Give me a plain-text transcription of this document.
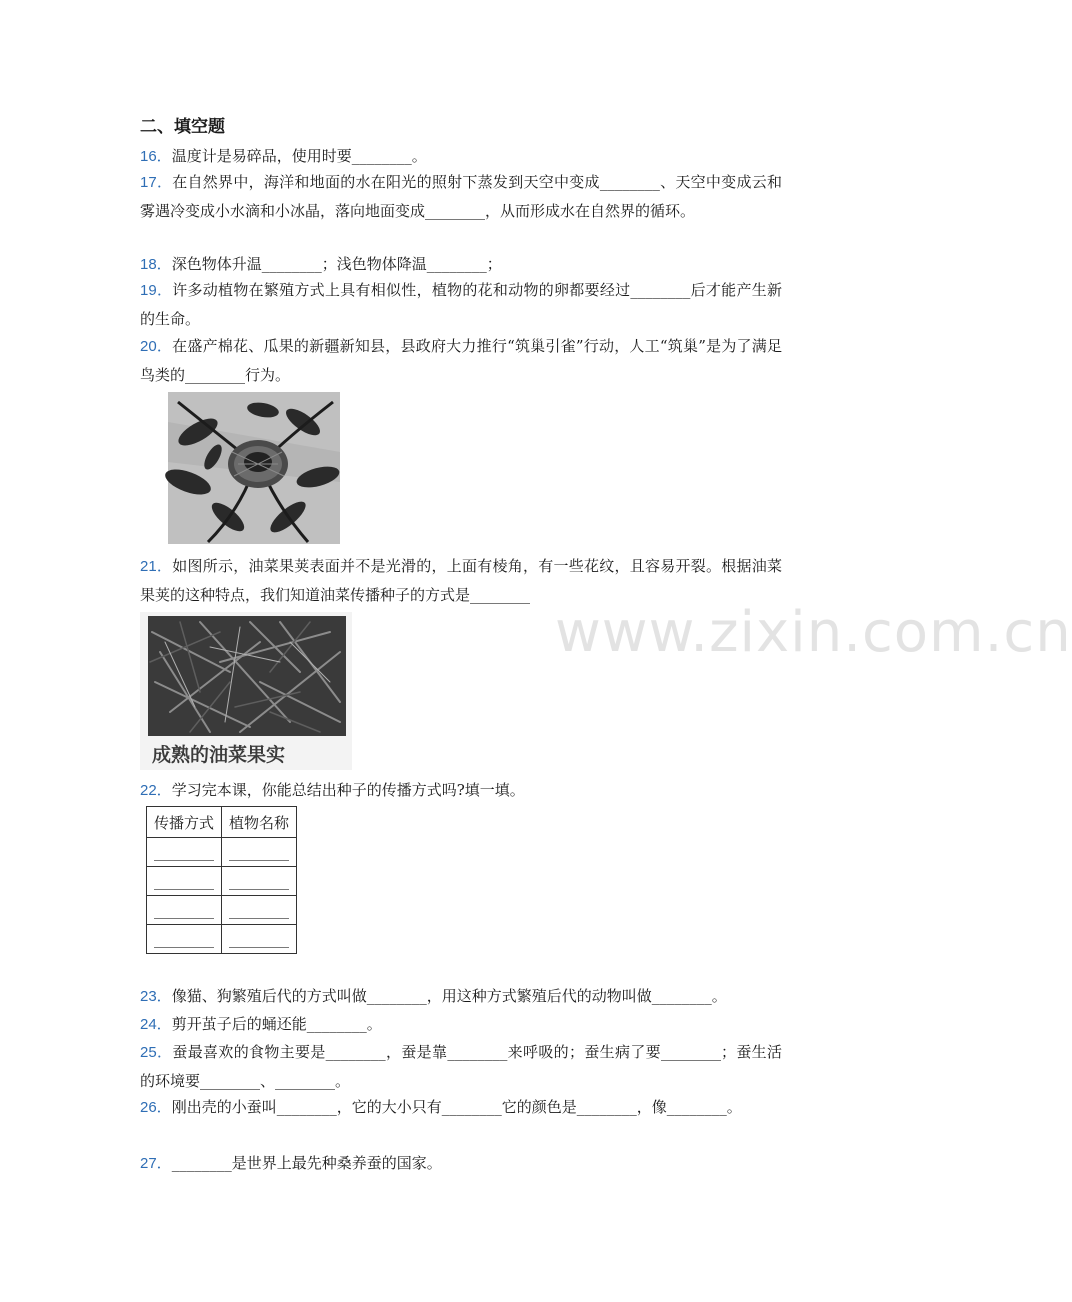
二、填空题
16．温度计是易碎品，使用时要________。
17．在自然界中，海洋和地面的水在阳光的照射下蒸发到天空中变成________、天空中变成云和雾遇冷变成小水滴和小冰晶，落向地面变成________，从而形成水在自然界的循环。
18．深色物体升温________；浅色物体降温________；
19．许多动植物在繁殖方式上具有相似性，植物的花和动物的卵都要经过________后才能产生新的生命。
20．在盛产棉花、瓜果的新疆新知县，县政府大力推行“筑巢引雀”行动，人工“筑巢”是为了满足鸟类的________行为。
21．如图所示，油菜果荚表面并不是光滑的，上面有棱角，有一些花纹，且容易开裂。根据油菜果荚的这种特点，我们知道油菜传播种子的方式是________
成熟的油菜果实
22．学习完本课，你能总结出种子的传播方式吗?填一填。
传播方式	植物名称
________	________
________	________
________	________
________	________
23．像猫、狗繁殖后代的方式叫做________，用这种方式繁殖后代的动物叫做________。
24．剪开茧子后的蛹还能________。
25．蚕最喜欢的食物主要是________，蚕是靠________来呼吸的；蚕生病了要________；蚕生活的环境要________、________。
26．刚出壳的小蚕叫________，它的大小只有________它的颜色是________，像________。
27．________是世界上最先种桑养蚕的国家。
www.zixin.com.cn
